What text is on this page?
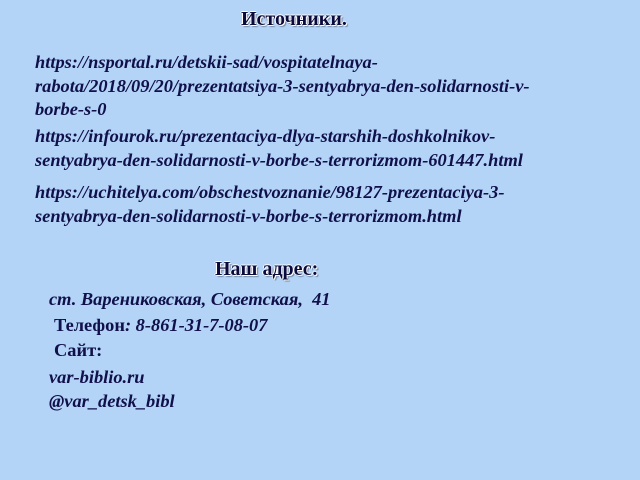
Источники.
https://nsportal.ru/detskii-sad/vospitatelnaya-
rabota/2018/09/20/prezentatsiya-3-sentyabrya-den-solidarnosti-v-
borbe-s-0
https://infourok.ru/prezentaciya-dlya-starshih-doshkolnikov-
sentyabrya-den-solidarnosti-v-borbe-s-terrorizmom-601447.html
https://uchitelya.com/obschestvoznanie/98127-prezentaciya-3-
sentyabrya-den-solidarnosti-v-borbe-s-terrorizmom.html
Наш адрес:
ст. Варениковская, Советская,  41
Телефон: 8-861-31-7-08-07
Сайт:
var-biblio.ru
@var_detsk_bibl
